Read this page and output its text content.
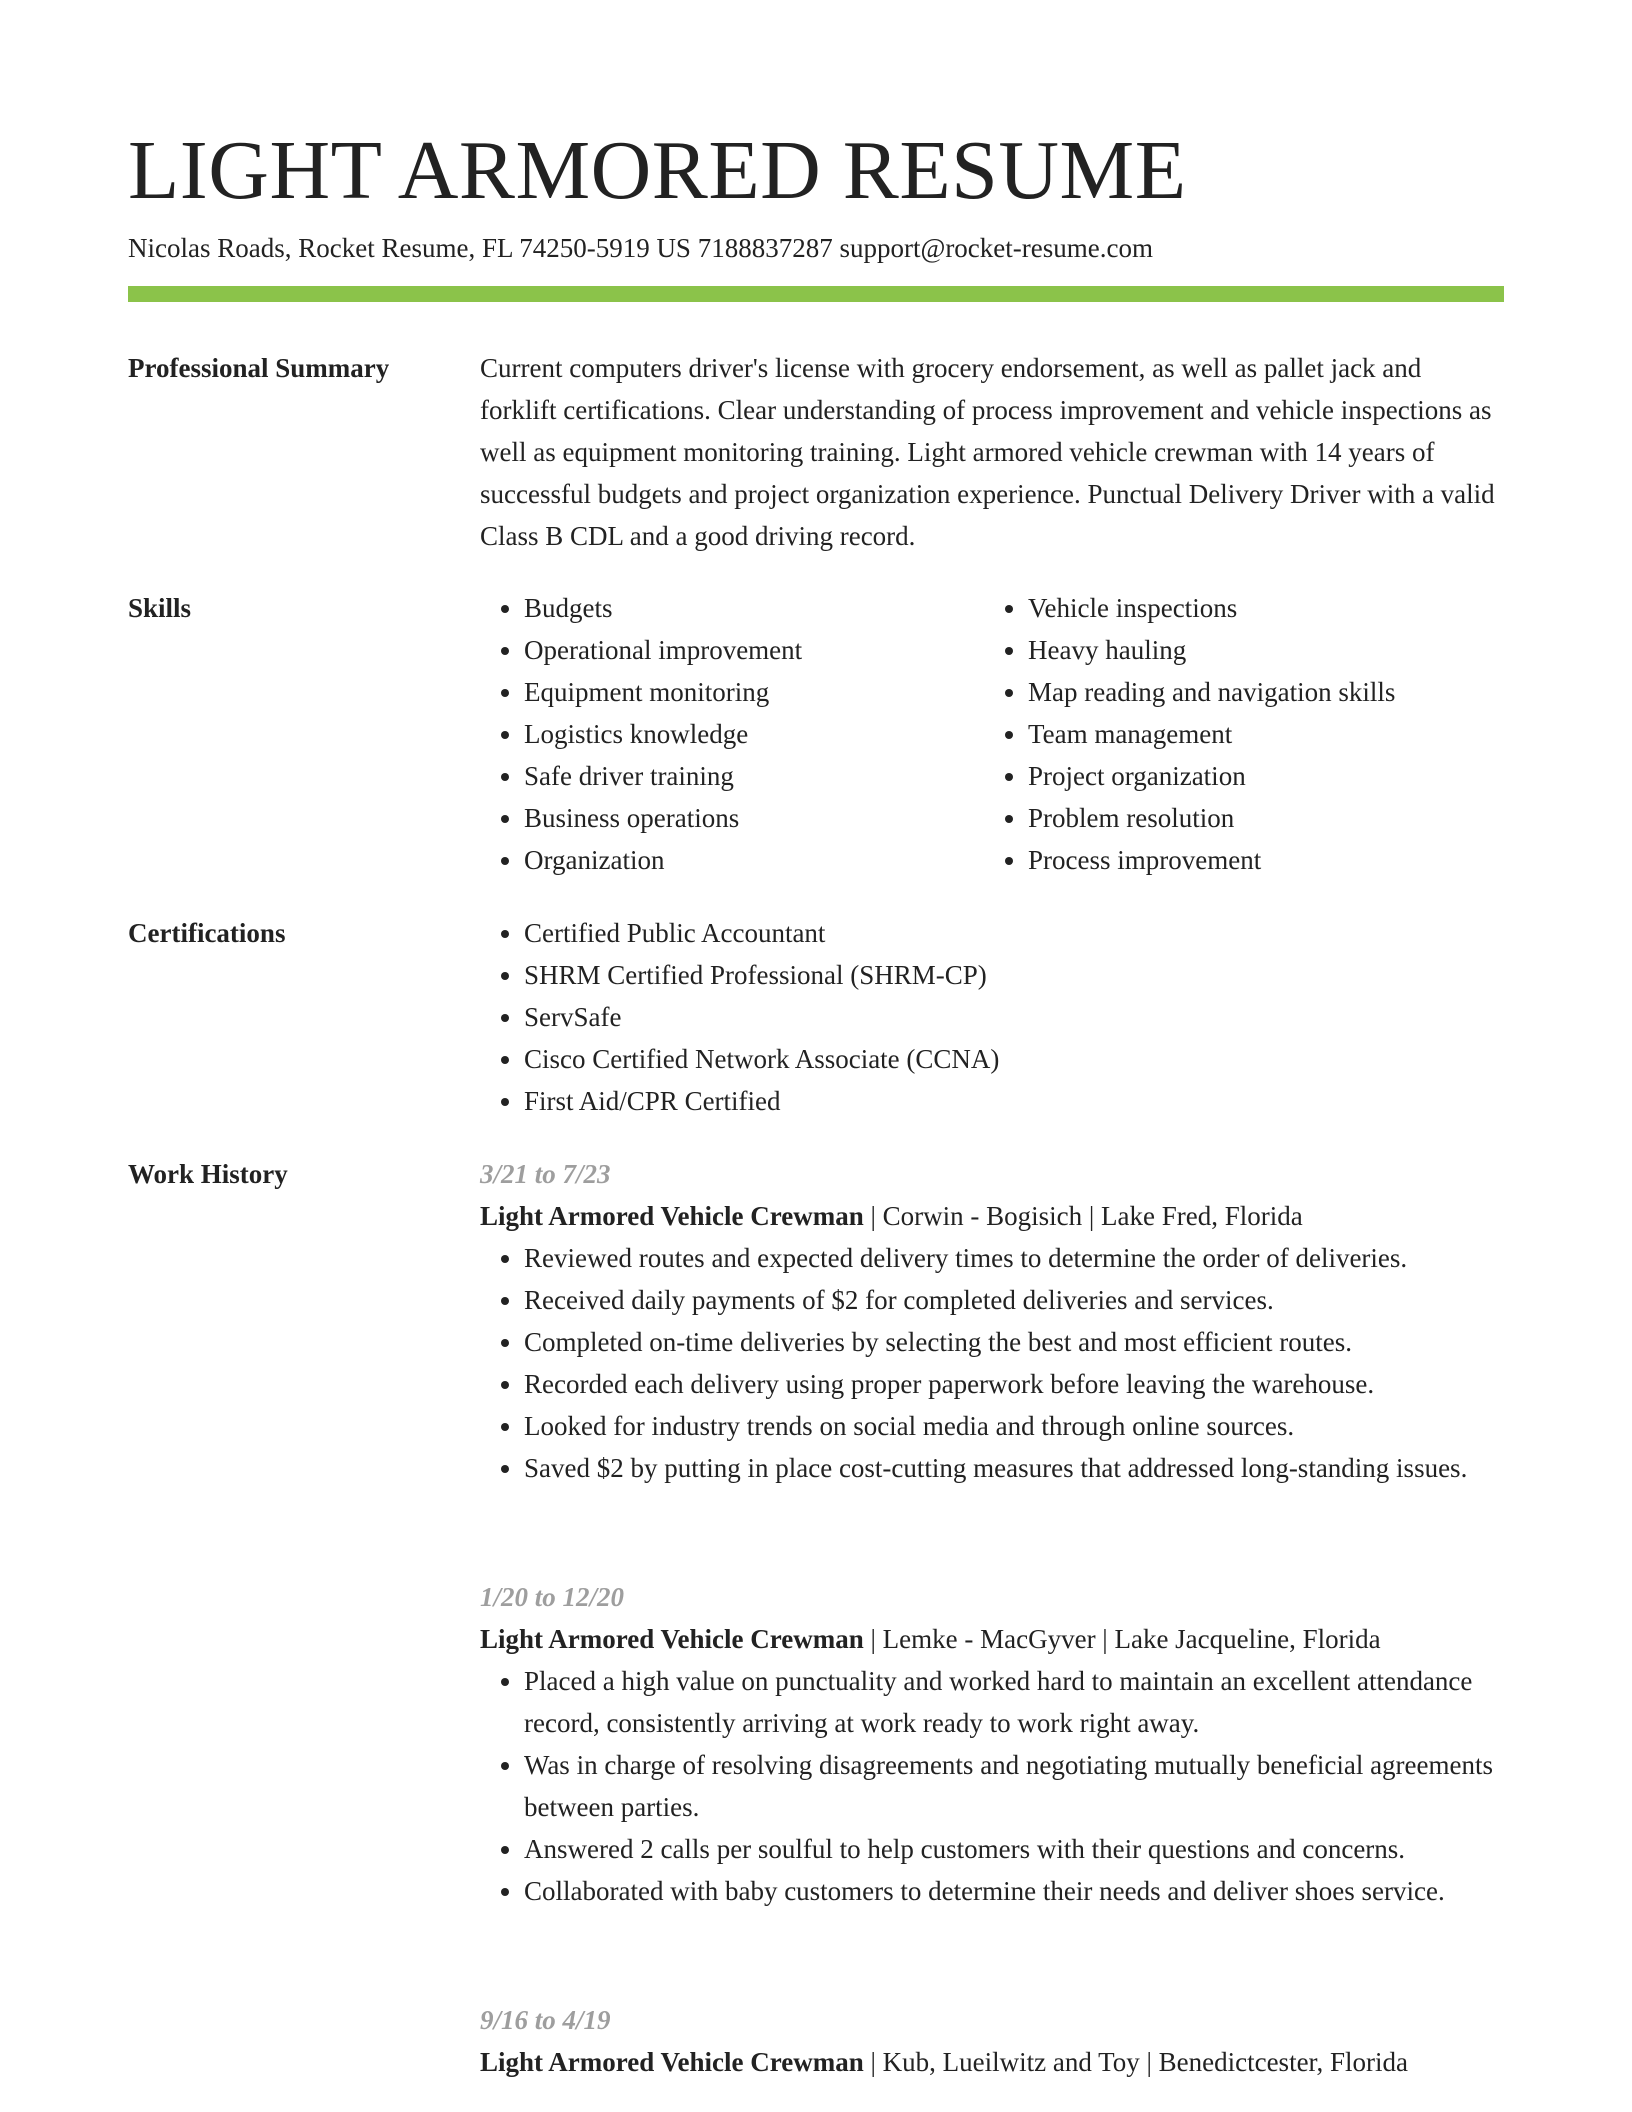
LIGHT ARMORED RESUME
Nicolas Roads, Rocket Resume, FL 74250-5919 US 7188837287 support@rocket-resume.com
Professional Summary	Current computers driver's license with grocery endorsement, as well as pallet jack and forklift certifications. Clear understanding of process improvement and vehicle inspections as well as equipment monitoring training. Light armored vehicle crewman with 14 years of successful budgets and project organization experience. Punctual Delivery Driver with a valid Class B CDL and a good driving record.

Skills	• Budgets
• Operational improvement
• Equipment monitoring
• Logistics knowledge
• Safe driver training
• Business operations
• Organization
• Vehicle inspections
• Heavy hauling
• Map reading and navigation skills
• Team management
• Project organization
• Problem resolution
• Process improvement
Certifications	• Certified Public Accountant
• SHRM Certified Professional (SHRM-CP)
• ServSafe
• Cisco Certified Network Associate (CCNA)
• First Aid/CPR Certified
Work History	3/21 to 7/23
Light Armored Vehicle Crewman | Corwin - Bogisich | Lake Fred, Florida
• Reviewed routes and expected delivery times to determine the order of deliveries.
• Received daily payments of $2 for completed deliveries and services.
• Completed on-time deliveries by selecting the best and most efficient routes.
• Recorded each delivery using proper paperwork before leaving the warehouse.
• Looked for industry trends on social media and through online sources.
• Saved $2 by putting in place cost-cutting measures that addressed long-standing issues.
1/20 to 12/20
Light Armored Vehicle Crewman | Lemke - MacGyver | Lake Jacqueline, Florida
• Placed a high value on punctuality and worked hard to maintain an excellent attendance record, consistently arriving at work ready to work right away.
• Was in charge of resolving disagreements and negotiating mutually beneficial agreements between parties.
• Answered 2 calls per soulful to help customers with their questions and concerns.
• Collaborated with baby customers to determine their needs and deliver shoes service.
9/16 to 4/19
Light Armored Vehicle Crewman | Kub, Lueilwitz and Toy | Benedictcester, Florida
